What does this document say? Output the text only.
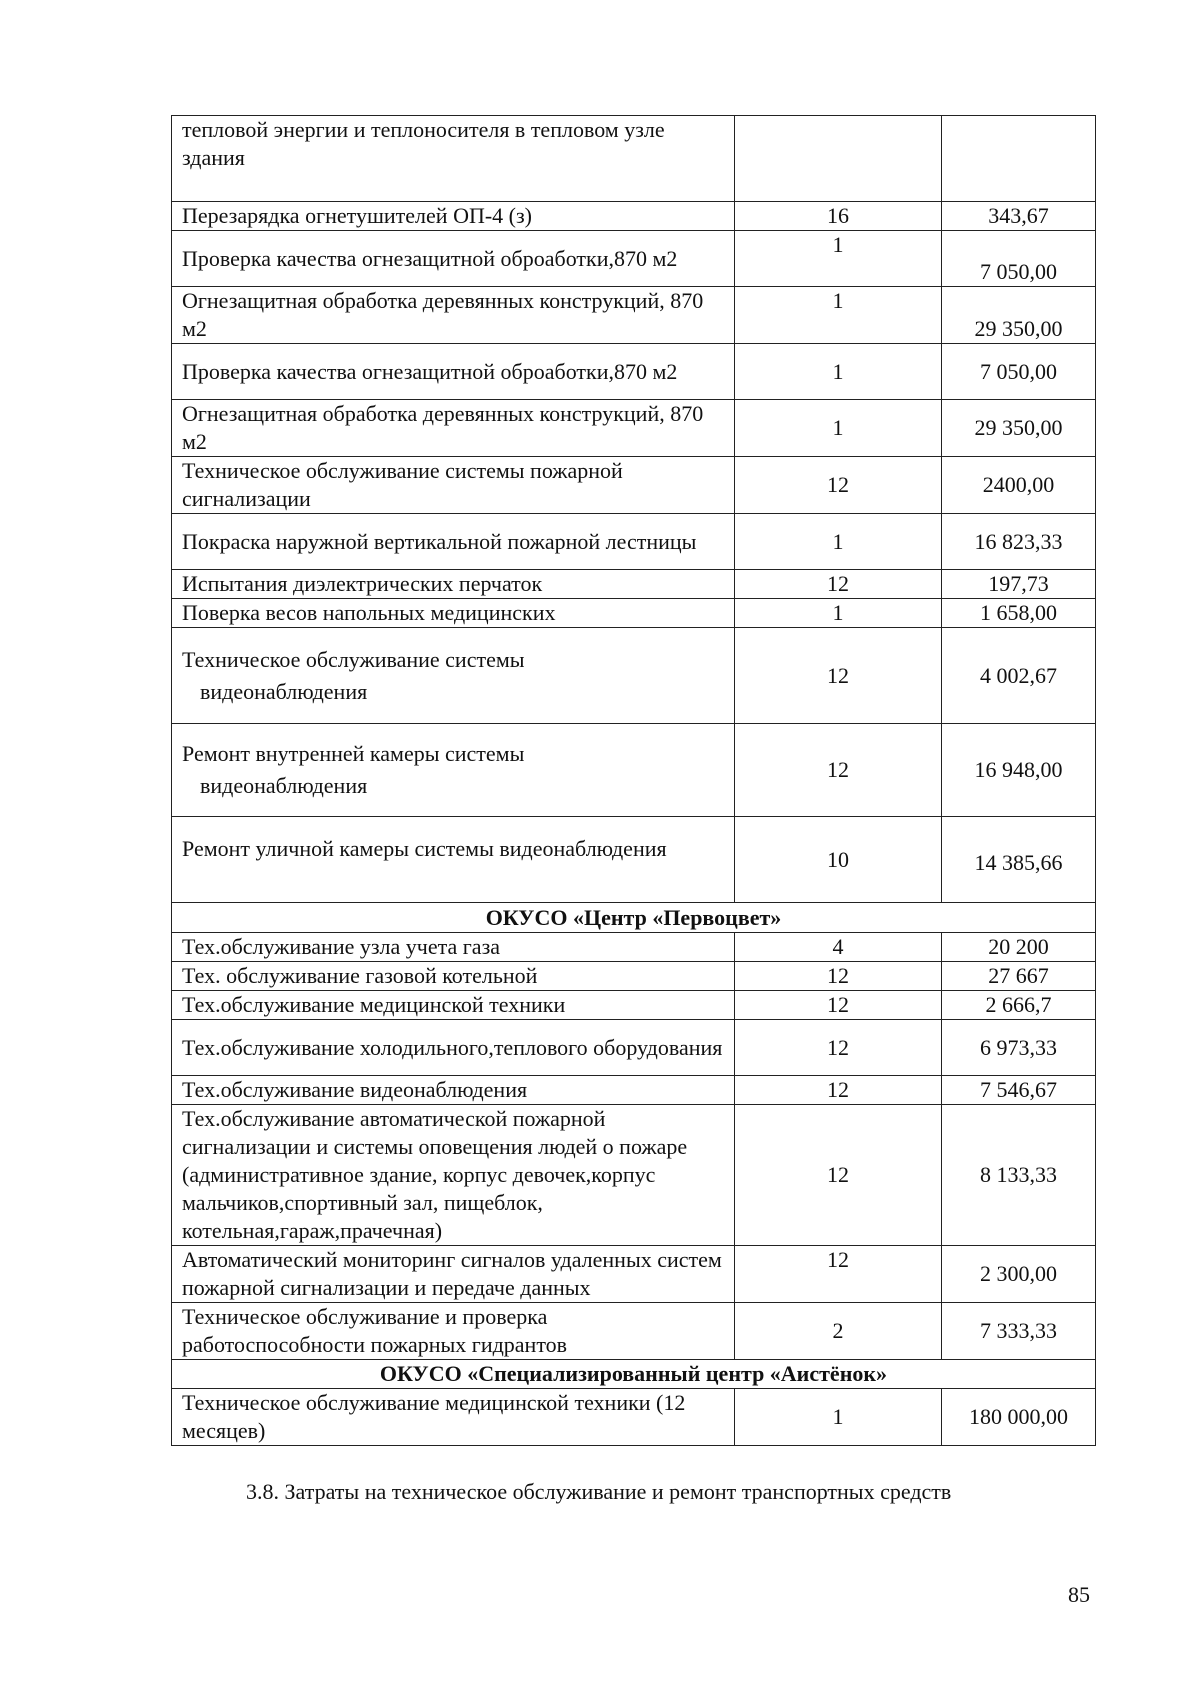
тепловой энергии и теплоносителя в тепловом узле здания		
Перезарядка огнетушителей ОП-4 (з)	16	343,67
Проверка качества огнезащитной оброаботки,870 м2	1	7 050,00
Огнезащитная обработка деревянных конструкций, 870 м2	1	29 350,00
Проверка качества огнезащитной оброаботки,870 м2	1	7 050,00
Огнезащитная обработка деревянных конструкций, 870 м2	1	29 350,00
Техническое обслуживание системы пожарной сигнализации	12	2400,00
Покраска наружной вертикальной пожарной лестницы	1	16 823,33
Испытания диэлектрических перчаток	12	197,73
Поверка весов напольных медицинских	1	1 658,00
Техническое обслуживание системы
видеонаблюдения	12	4 002,67
Ремонт внутренней камеры системы
видеонаблюдения	12	16 948,00
Ремонт уличной камеры системы видеонаблюдения	10	14 385,66
ОКУСО «Центр «Первоцвет»		
Тех.обслуживание узла учета газа	4	20 200
Тех. обслуживание газовой котельной	12	27 667
Тех.обслуживание медицинской техники	12	2 666,7
Тех.обслуживание холодильного,теплового оборудования	12	6 973,33
Тех.обслуживание видеонаблюдения	12	7 546,67
Тех.обслуживание автоматической пожарной сигнализации и системы оповещения людей о пожаре (административное здание, корпус девочек,корпус мальчиков,спортивный зал, пищеблок, котельная,гараж,прачечная)	12	8 133,33
Автоматический мониторинг сигналов удаленных систем пожарной сигнализации и передаче данных	12	2 300,00
Техническое обслуживание и проверка работоспособности пожарных гидрантов	2	7 333,33
ОКУСО «Специализированный центр «Аистёнок»		
Техническое обслуживание медицинской техники (12 месяцев)	1	180 000,00
3.8. Затраты на техническое обслуживание и ремонт транспортных средств
85
